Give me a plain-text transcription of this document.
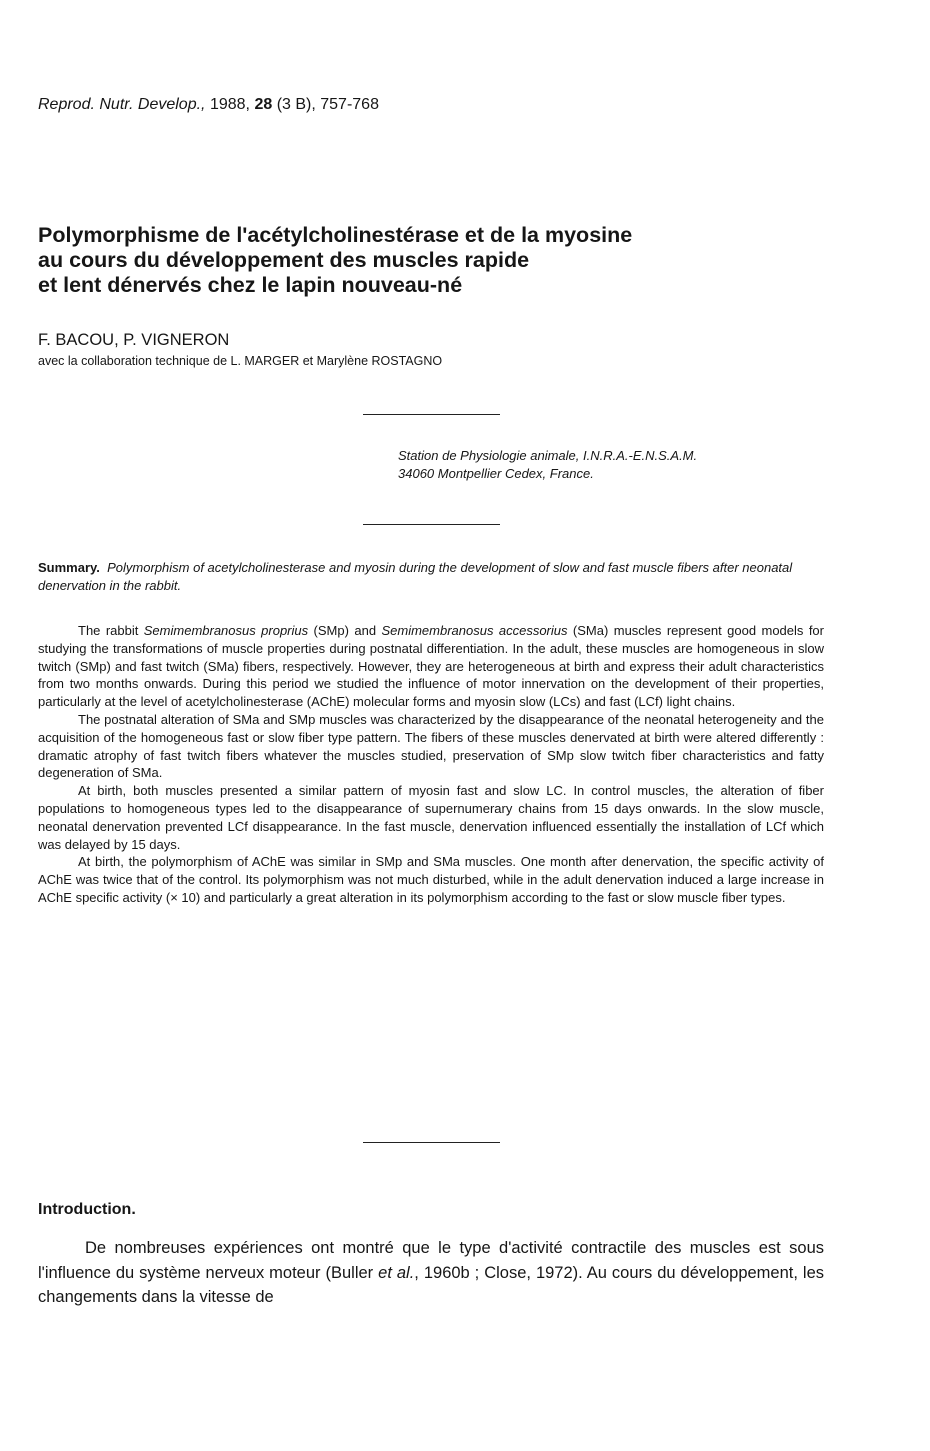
Reprod. Nutr. Develop., 1988, 28 (3 B), 757-768
Polymorphisme de l'acétylcholinestérase et de la myosine
au cours du développement des muscles rapide
et lent dénervés chez le lapin nouveau-né
F. BACOU, P. VIGNERON
avec la collaboration technique de L. MARGER et Marylène ROSTAGNO
Station de Physiologie animale, I.N.R.A.-E.N.S.A.M.
34060 Montpellier Cedex, France.
Summary. Polymorphism of acetylcholinesterase and myosin during the development of slow and fast muscle fibers after neonatal denervation in the rabbit.

The rabbit Semimembranosus proprius (SMp) and Semimembranosus accessorius (SMa) muscles represent good models for studying the transformations of muscle properties during postnatal differentiation. In the adult, these muscles are homogeneous in slow twitch (SMp) and fast twitch (SMa) fibers, respectively. However, they are heterogeneous at birth and express their adult characteristics from two months onwards. During this period we studied the influence of motor innervation on the development of their properties, particularly at the level of acetylcholinesterase (AChE) molecular forms and myosin slow (LCs) and fast (LCf) light chains.

The postnatal alteration of SMa and SMp muscles was characterized by the disappearance of the neonatal heterogeneity and the acquisition of the homogeneous fast or slow fiber type pattern. The fibers of these muscles denervated at birth were altered differently : dramatic atrophy of fast twitch fibers whatever the muscles studied, preservation of SMp slow twitch fiber characteristics and fatty degeneration of SMa.

At birth, both muscles presented a similar pattern of myosin fast and slow LC. In control muscles, the alteration of fiber populations to homogeneous types led to the disappearance of supernumerary chains from 15 days onwards. In the slow muscle, neonatal denervation prevented LCf disappearance. In the fast muscle, denervation influenced essentially the installation of LCf which was delayed by 15 days.

At birth, the polymorphism of AChE was similar in SMp and SMa muscles. One month after denervation, the specific activity of AChE was twice that of the control. Its polymorphism was not much disturbed, while in the adult denervation induced a large increase in AChE specific activity (× 10) and particularly a great alteration in its polymorphism according to the fast or slow muscle fiber types.

Introduction.

De nombreuses expériences ont montré que le type d'activité contractile des muscles est sous l'influence du système nerveux moteur (Buller et al., 1960b ; Close, 1972). Au cours du développement, les changements dans la vitesse de
